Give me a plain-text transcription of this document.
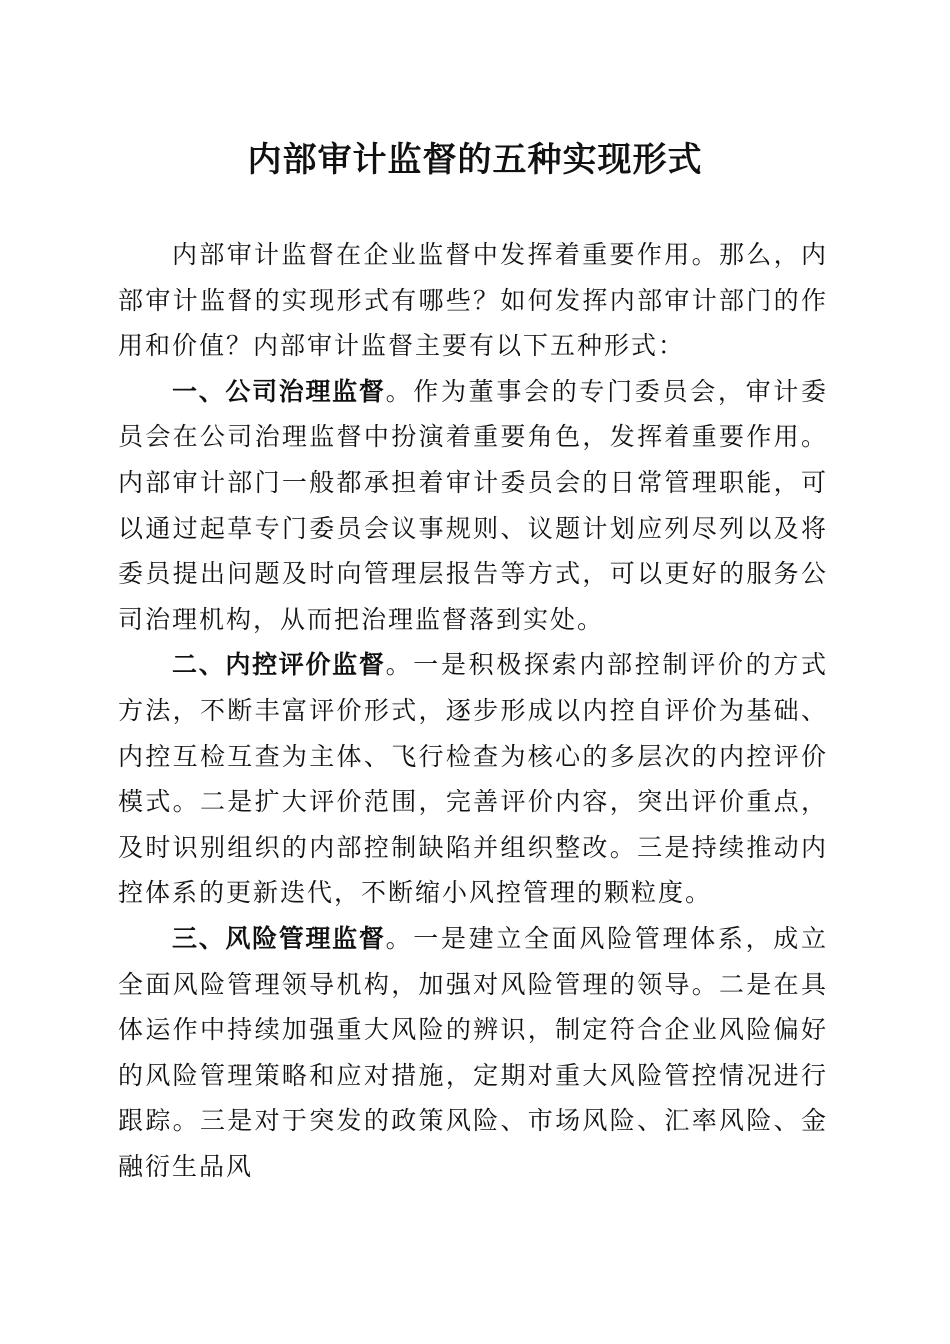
内部审计监督的五种实现形式

内部审计监督在企业监督中发挥着重要作用。那么，内部审计监督的实现形式有哪些？如何发挥内部审计部门的作用和价值？内部审计监督主要有以下五种形式：

一、公司治理监督。作为董事会的专门委员会，审计委员会在公司治理监督中扮演着重要角色，发挥着重要作用。内部审计部门一般都承担着审计委员会的日常管理职能，可以通过起草专门委员会议事规则、议题计划应列尽列以及将委员提出问题及时向管理层报告等方式，可以更好的服务公司治理机构，从而把治理监督落到实处。

二、内控评价监督。一是积极探索内部控制评价的方式方法，不断丰富评价形式，逐步形成以内控自评价为基础、内控互检互查为主体、飞行检查为核心的多层次的内控评价模式。二是扩大评价范围，完善评价内容，突出评价重点，及时识别组织的内部控制缺陷并组织整改。三是持续推动内控体系的更新迭代，不断缩小风控管理的颗粒度。

三、风险管理监督。一是建立全面风险管理体系，成立全面风险管理领导机构，加强对风险管理的领导。二是在具体运作中持续加强重大风险的辨识，制定符合企业风险偏好的风险管理策略和应对措施，定期对重大风险管控情况进行跟踪。三是对于突发的政策风险、市场风险、汇率风险、金融衍生品风
